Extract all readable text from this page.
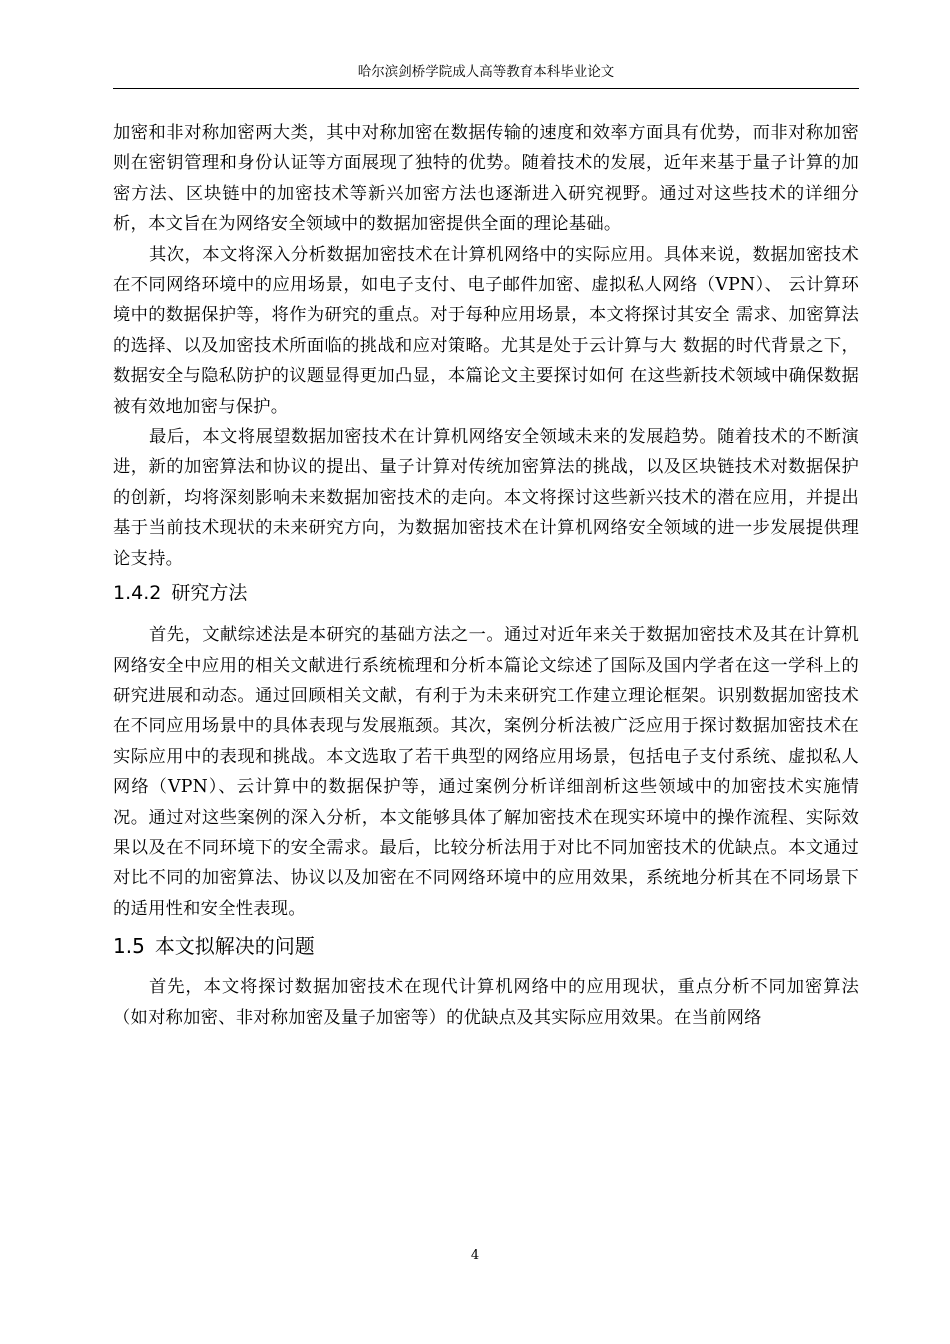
哈尔滨剑桥学院成人高等教育本科毕业论文

加密和非对称加密两大类，其中对称加密在数据传输的速度和效率方面具有优势，而非对称加密则在密钥管理和身份认证等方面展现了独特的优势。随着技术的发展，近年来基于量子计算的加密方法、区块链中的加密技术等新兴加密方法也逐渐进入研究视野。通过对这些技术的详细分析，本文旨在为网络安全领域中的数据加密提供全面的理论基础。

其次，本文将深入分析数据加密技术在计算机网络中的实际应用。具体来说，数据加密技术在不同网络环境中的应用场景，如电子支付、电子邮件加密、虚拟私人网络（VPN）、 云计算环境中的数据保护等，将作为研究的重点。对于每种应用场景，本文将探讨其安全 需求、加密算法的选择、以及加密技术所面临的挑战和应对策略。尤其是处于云计算与大 数据的时代背景之下，数据安全与隐私防护的议题显得更加凸显，本篇论文主要探讨如何 在这些新技术领域中确保数据被有效地加密与保护。

最后，本文将展望数据加密技术在计算机网络安全领域未来的发展趋势。随着技术的不断演进，新的加密算法和协议的提出、量子计算对传统加密算法的挑战，以及区块链技术对数据保护的创新，均将深刻影响未来数据加密技术的走向。本文将探讨这些新兴技术的潜在应用，并提出基于当前技术现状的未来研究方向，为数据加密技术在计算机网络安全领域的进一步发展提供理论支持。

1.4.2 研究方法

首先，文献综述法是本研究的基础方法之一。通过对近年来关于数据加密技术及其在计算机网络安全中应用的相关文献进行系统梳理和分析本篇论文综述了国际及国内学者在这一学科上的研究进展和动态。通过回顾相关文献，有利于为未来研究工作建立理论框架。识别数据加密技术在不同应用场景中的具体表现与发展瓶颈。其次，案例分析法被广泛应用于探讨数据加密技术在实际应用中的表现和挑战。本文选取了若干典型的网络应用场景，包括电子支付系统、虚拟私人网络（VPN）、云计算中的数据保护等，通过案例分析详细剖析这些领域中的加密技术实施情况。通过对这些案例的深入分析，本文能够具体了解加密技术在现实环境中的操作流程、实际效果以及在不同环境下的安全需求。最后，比较分析法用于对比不同加密技术的优缺点。本文通过对比不同的加密算法、协议以及加密在不同网络环境中的应用效果，系统地分析其在不同场景下的适用性和安全性表现。

1.5 本文拟解决的问题

首先，本文将探讨数据加密技术在现代计算机网络中的应用现状，重点分析不同加密算法（如对称加密、非对称加密及量子加密等）的优缺点及其实际应用效果。在当前网络

4
